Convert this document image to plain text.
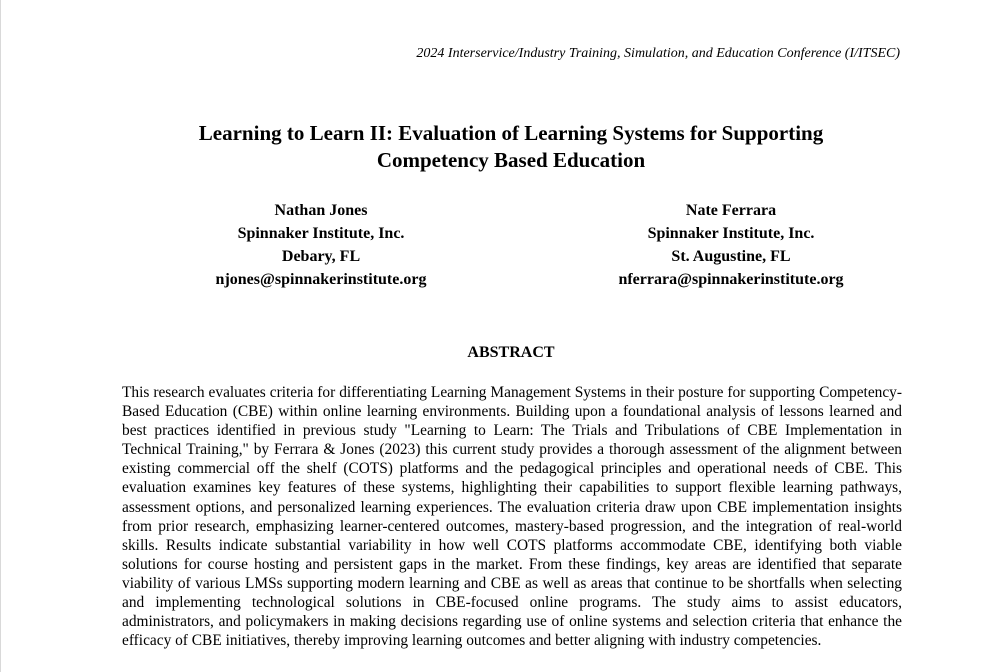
2024 Interservice/Industry Training, Simulation, and Education Conference (I/ITSEC)
Learning to Learn II: Evaluation of Learning Systems for Supporting
Competency Based Education
Nathan Jones
Spinnaker Institute, Inc.
Debary, FL
njones@spinnakerinstitute.org
Nate Ferrara
Spinnaker Institute, Inc.
St. Augustine, FL
nferrara@spinnakerinstitute.org
ABSTRACT

This research evaluates criteria for differentiating Learning Management Systems in their posture for supporting Competency-Based Education (CBE) within online learning environments. Building upon a foundational analysis of lessons learned and best practices identified in previous study "Learning to Learn: The Trials and Tribulations of CBE Implementation in Technical Training," by Ferrara & Jones (2023) this current study provides a thorough assessment of the alignment between existing commercial off the shelf (COTS) platforms and the pedagogical principles and operational needs of CBE. This evaluation examines key features of these systems, highlighting their capabilities to support flexible learning pathways, assessment options, and personalized learning experiences. The evaluation criteria draw upon CBE implementation insights from prior research, emphasizing learner-centered outcomes, mastery-based progression, and the integration of real-world skills. Results indicate substantial variability in how well COTS platforms accommodate CBE, identifying both viable solutions for course hosting and persistent gaps in the market. From these findings, key areas are identified that separate viability of various LMSs supporting modern learning and CBE as well as areas that continue to be shortfalls when selecting and implementing technological solutions in CBE-focused online programs. The study aims to assist educators, administrators, and policymakers in making decisions regarding use of online systems and selection criteria that enhance the efficacy of CBE initiatives, thereby improving learning outcomes and better aligning with industry competencies.
